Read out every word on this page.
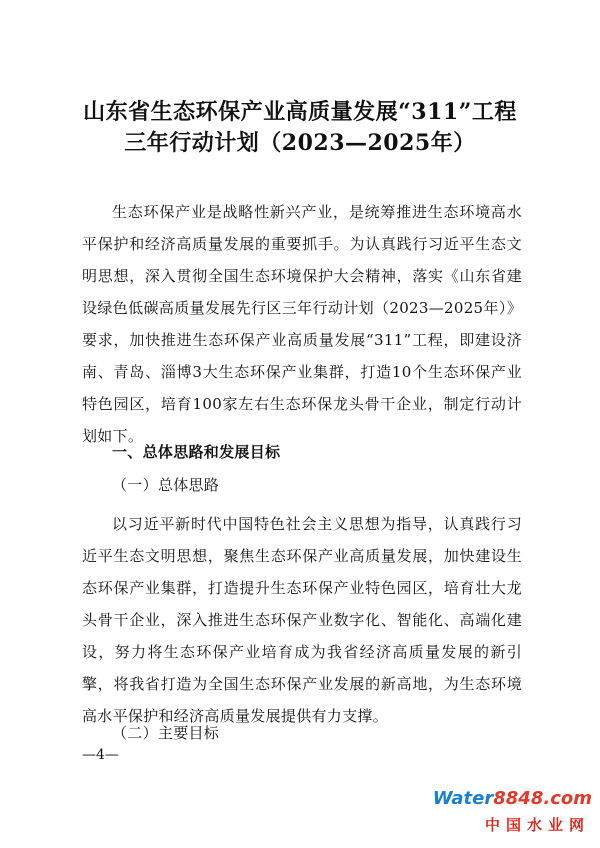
山东省生态环保产业高质量发展“311”工程
三年行动计划（2023—2025年）

生态环保产业是战略性新兴产业，是统筹推进生态环境高水平保护和经济高质量发展的重要抓手。为认真践行习近平生态文明思想，深入贯彻全国生态环境保护大会精神，落实《山东省建设绿色低碳高质量发展先行区三年行动计划（2023—2025年）》要求，加快推进生态环保产业高质量发展“311”工程，即建设济南、青岛、淄博3大生态环保产业集群，打造10个生态环保产业特色园区，培育100家左右生态环保龙头骨干企业，制定行动计划如下。

一、总体思路和发展目标
（一）总体思路

以习近平新时代中国特色社会主义思想为指导，认真践行习近平生态文明思想，聚焦生态环保产业高质量发展，加快建设生态环保产业集群，打造提升生态环保产业特色园区，培育壮大龙头骨干企业，深入推进生态环保产业数字化、智能化、高端化建设，努力将生态环保产业培育成为我省经济高质量发展的新引擎，将我省打造为全国生态环保产业发展的新高地，为生态环境高水平保护和经济高质量发展提供有力支撑。

（二）主要目标
—4—
Water8848.com
中国水业网
